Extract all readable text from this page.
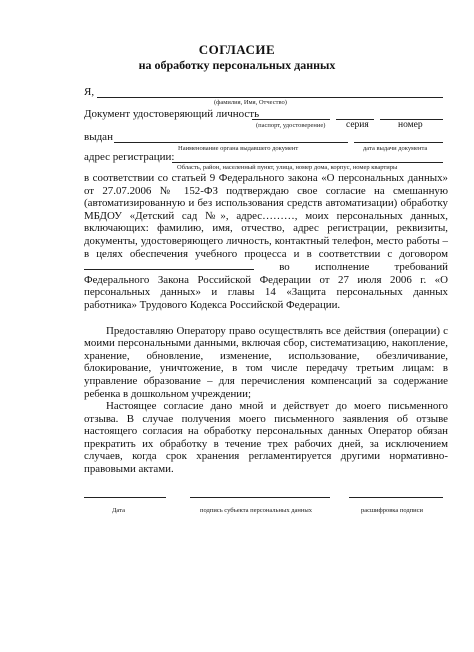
СОГЛАСИЕ
на обработку персональных данных
Я,
(фамилия, Имя, Отчество)
Документ удостоверяющий личность
(паспорт, удостоверение) серия	номер
выдан
Наименование органа выдавшего документ	дата выдачи документа
адрес регистрации:
Область, район, населенный пункт, улица, номер дома, корпус, номер квартиры

в соответствии со статьей 9 Федерального закона «О персональных данных» от 27.07.2006 № 152-ФЗ подтверждаю свое согласие на смешанную (автоматизированную и без использования средств автоматизации) обработку МБДОУ «Детский сад №», адрес………, моих персональных данных, включающих: фамилию, имя, отчество, адрес регистрации, реквизиты, документы, удостоверяющего личность, контактный телефон, место работы – в целях обеспечения учебного процесса и в соответствии с договором  во исполнение требований Федерального Закона Российской Федерации от 27 июля 2006 г. «О персональных данных» и главы 14 «Защита персональных данных работника» Трудового Кодекса Российской Федерации.

Предоставляю Оператору право осуществлять все действия (операции) с моими персональными данными, включая сбор, систематизацию, накопление, хранение, обновление, изменение, использование, обезличивание, блокирование, уничтожение, в том числе передачу третьим лицам: в управление образование – для перечисления компенсаций за содержание ребенка в дошкольном учреждении;

Настоящее согласие дано мной и действует до моего письменного отзыва. В случае получения моего письменного заявления об отзыве настоящего согласия на обработку персональных данных Оператор обязан прекратить их обработку в течение трех рабочих дней, за исключением случаев, когда срок хранения регламентируется другими нормативно-правовыми актами.

Дата	подпись субъекта персональных данных	расшифровка подписи
